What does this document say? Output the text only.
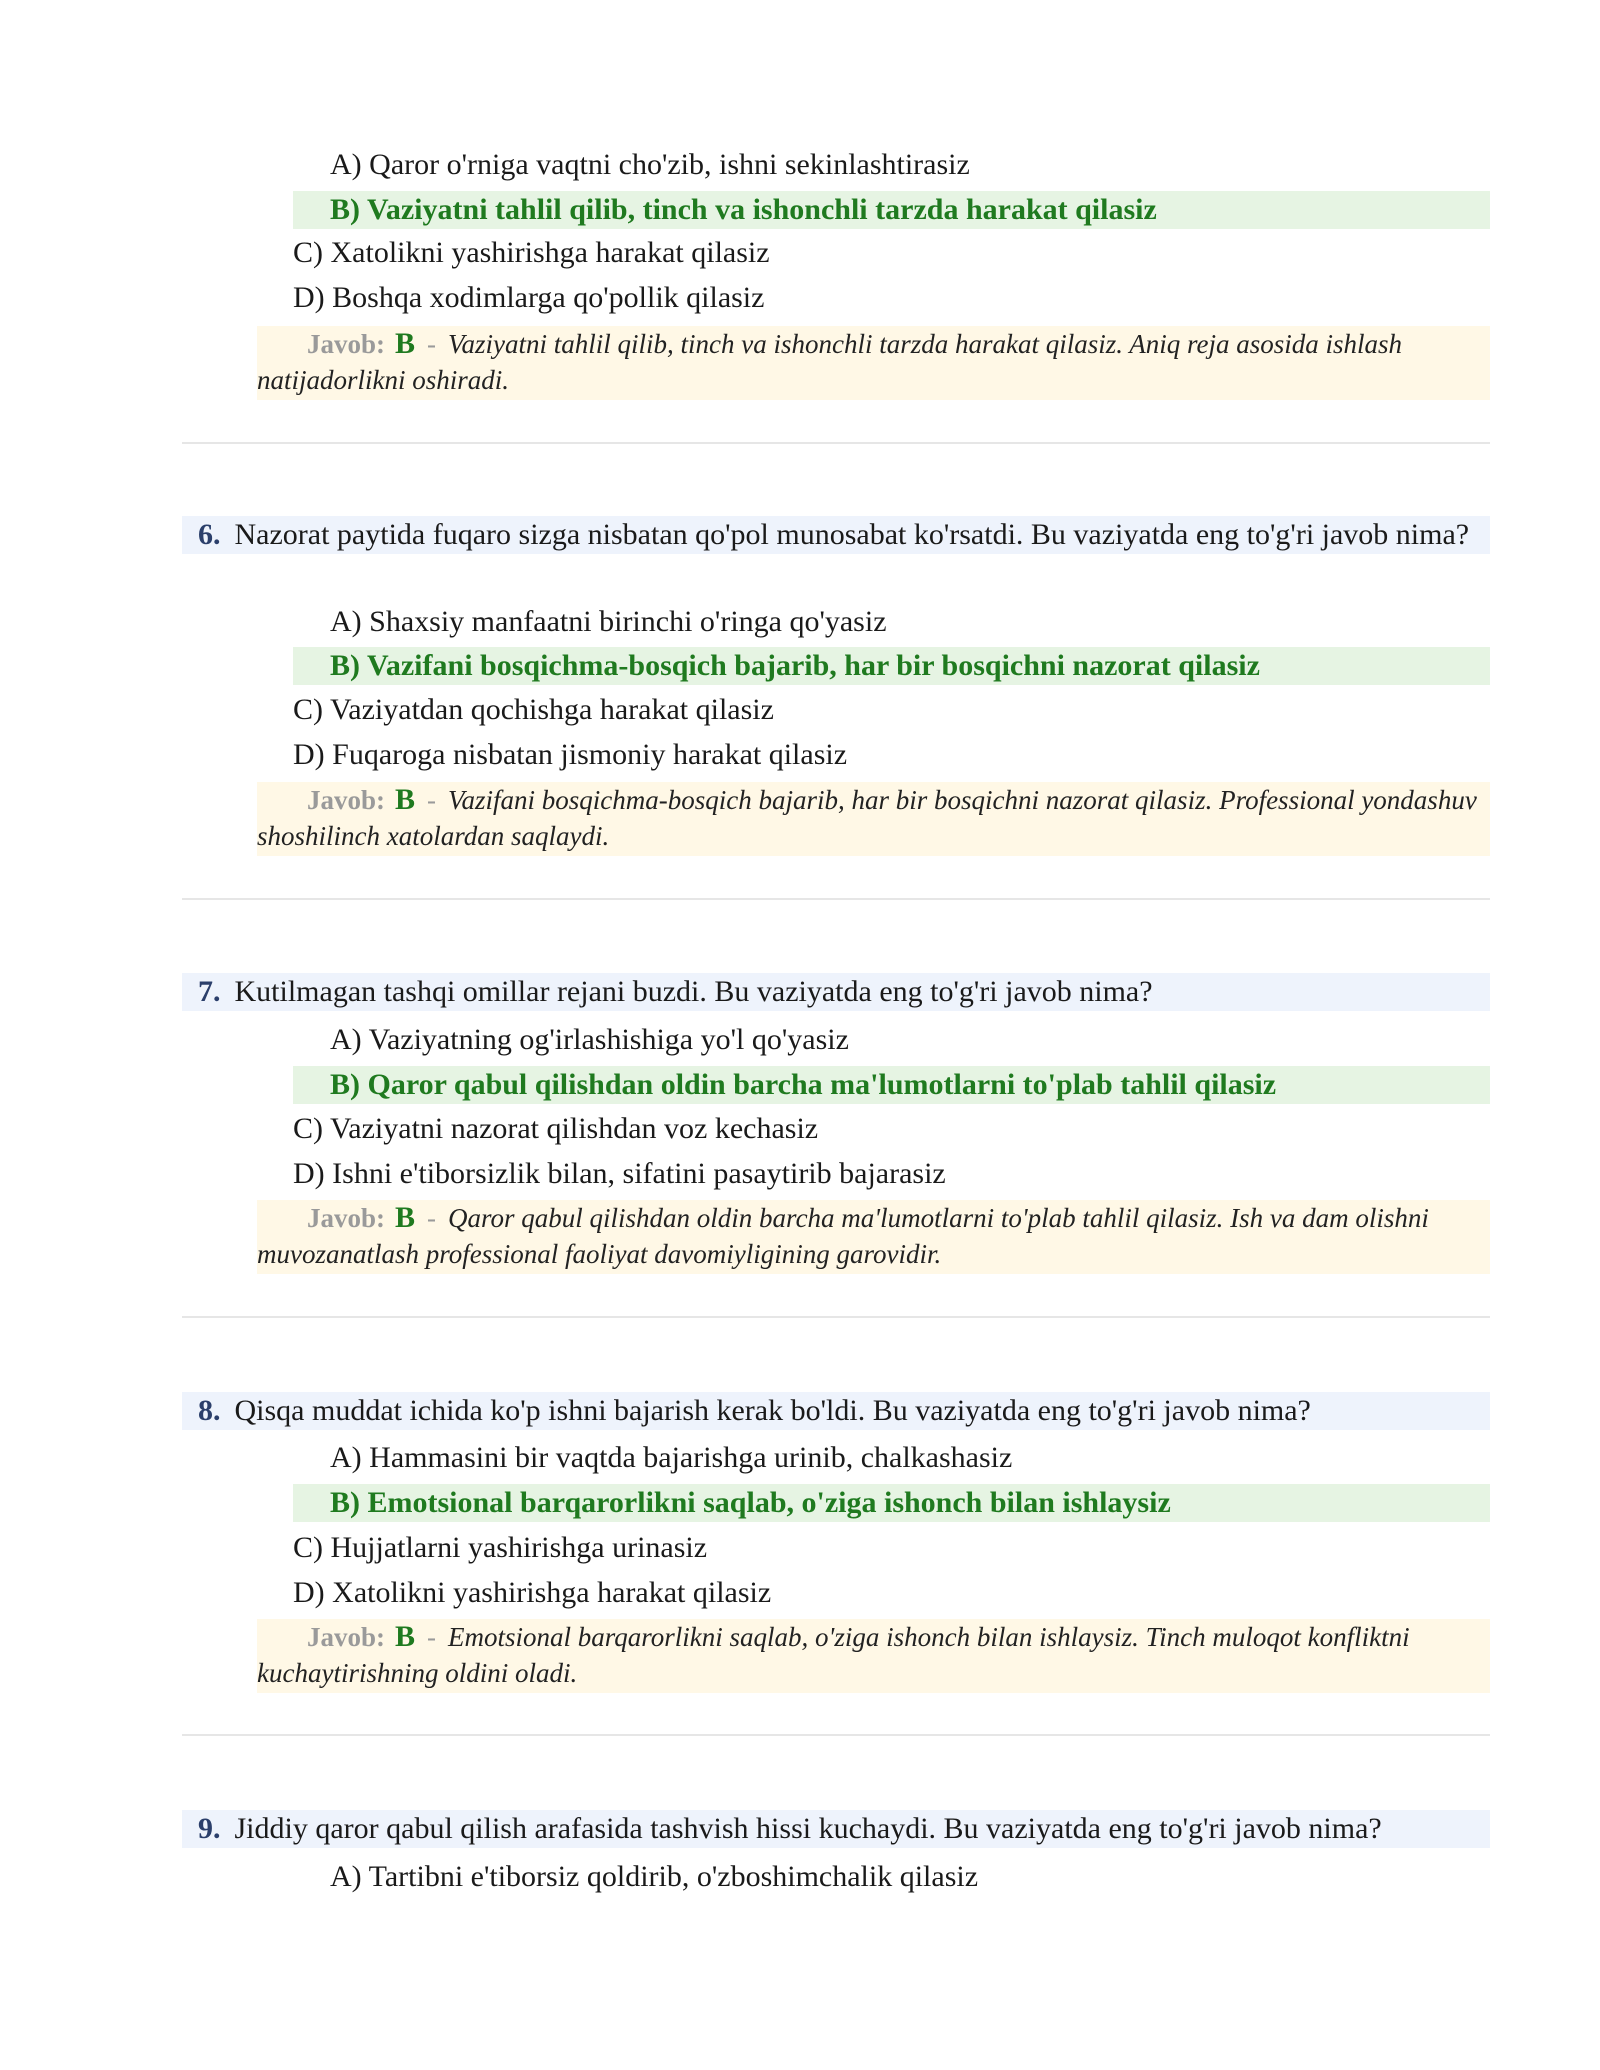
A) Qaror o'rniga vaqtni cho'zib, ishni sekinlashtirasiz
B) Vaziyatni tahlil qilib, tinch va ishonchli tarzda harakat qilasiz
C) Xatolikni yashirishga harakat qilasiz
D) Boshqa xodimlarga qo'pollik qilasiz
Javob: B - Vaziyatni tahlil qilib, tinch va ishonchli tarzda harakat qilasiz. Aniq reja asosida ishlash natijadorlikni oshiradi.
6. Nazorat paytida fuqaro sizga nisbatan qo'pol munosabat ko'rsatdi. Bu vaziyatda eng to'g'ri javob nima?
A) Shaxsiy manfaatni birinchi o'ringa qo'yasiz
B) Vazifani bosqichma-bosqich bajarib, har bir bosqichni nazorat qilasiz
C) Vaziyatdan qochishga harakat qilasiz
D) Fuqaroga nisbatan jismoniy harakat qilasiz
Javob: B - Vazifani bosqichma-bosqich bajarib, har bir bosqichni nazorat qilasiz. Professional yondashuv shoshilinch xatolardan saqlaydi.
7. Kutilmagan tashqi omillar rejani buzdi. Bu vaziyatda eng to'g'ri javob nima?
A) Vaziyatning og'irlashishiga yo'l qo'yasiz
B) Qaror qabul qilishdan oldin barcha ma'lumotlarni to'plab tahlil qilasiz
C) Vaziyatni nazorat qilishdan voz kechasiz
D) Ishni e'tiborsizlik bilan, sifatini pasaytirib bajarasiz
Javob: B - Qaror qabul qilishdan oldin barcha ma'lumotlarni to'plab tahlil qilasiz. Ish va dam olishni muvozanatlash professional faoliyat davomiyligining garovidir.
8. Qisqa muddat ichida ko'p ishni bajarish kerak bo'ldi. Bu vaziyatda eng to'g'ri javob nima?
A) Hammasini bir vaqtda bajarishga urinib, chalkashasiz
B) Emotsional barqarorlikni saqlab, o'ziga ishonch bilan ishlaysiz
C) Hujjatlarni yashirishga urinasiz
D) Xatolikni yashirishga harakat qilasiz
Javob: B - Emotsional barqarorlikni saqlab, o'ziga ishonch bilan ishlaysiz. Tinch muloqot konfliktni kuchaytirishning oldini oladi.
9. Jiddiy qaror qabul qilish arafasida tashvish hissi kuchaydi. Bu vaziyatda eng to'g'ri javob nima?
A) Tartibni e'tiborsiz qoldirib, o'zboshimchalik qilasiz
